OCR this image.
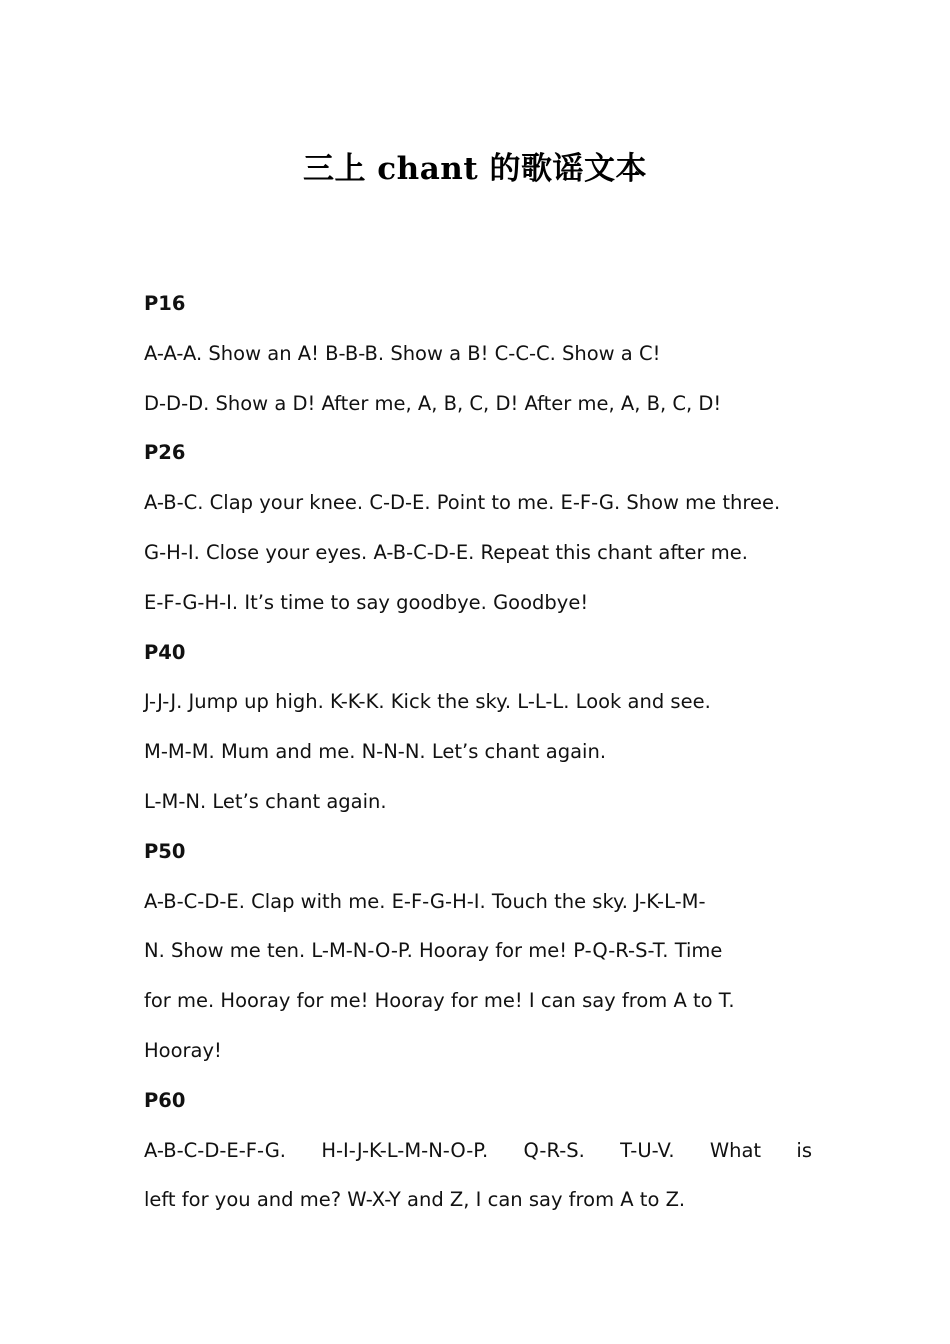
三上 chant 的歌谣文本
P16
A-A-A. Show an A! B-B-B. Show a B! C-C-C. Show a C!
D-D-D. Show a D! After me, A, B, C, D! After me, A, B, C, D!
P26
A-B-C. Clap your knee. C-D-E. Point to me. E-F-G. Show me three.
G-H-I. Close your eyes. A-B-C-D-E. Repeat this chant after me.
E-F-G-H-I. It’s time to say goodbye. Goodbye!
P40
J-J-J. Jump up high. K-K-K. Kick the sky. L-L-L. Look and see.
M-M-M. Mum and me. N-N-N. Let’s chant again.
L-M-N. Let’s chant again.
P50
A-B-C-D-E. Clap with me. E-F-G-H-I. Touch the sky. J-K-L-M-
N. Show me ten. L-M-N-O-P. Hooray for me! P-Q-R-S-T. Time
for me. Hooray for me! Hooray for me! I can say from A to T.
Hooray!
P60
A-B-C-D-E-F-G. H-I-J-K-L-M-N-O-P. Q-R-S. T-U-V. What is
left for you and me? W-X-Y and Z, I can say from A to Z.
